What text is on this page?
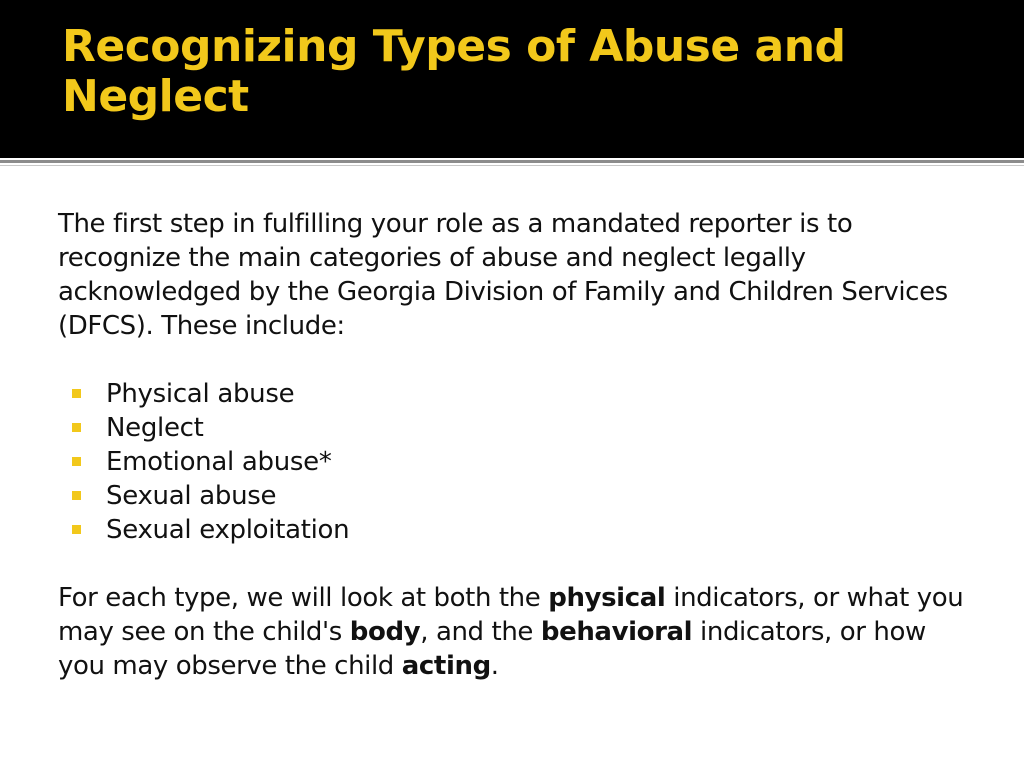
Recognizing Types of Abuse and Neglect

The first step in fulfilling your role as a mandated reporter is to recognize the main categories of abuse and neglect legally acknowledged by the Georgia Division of Family and Children Services (DFCS). These include:

Physical abuse
Neglect
Emotional abuse*
Sexual abuse
Sexual exploitation

For each type, we will look at both the physical indicators, or what you may see on the child's body, and the behavioral indicators, or how you may observe the child acting.
